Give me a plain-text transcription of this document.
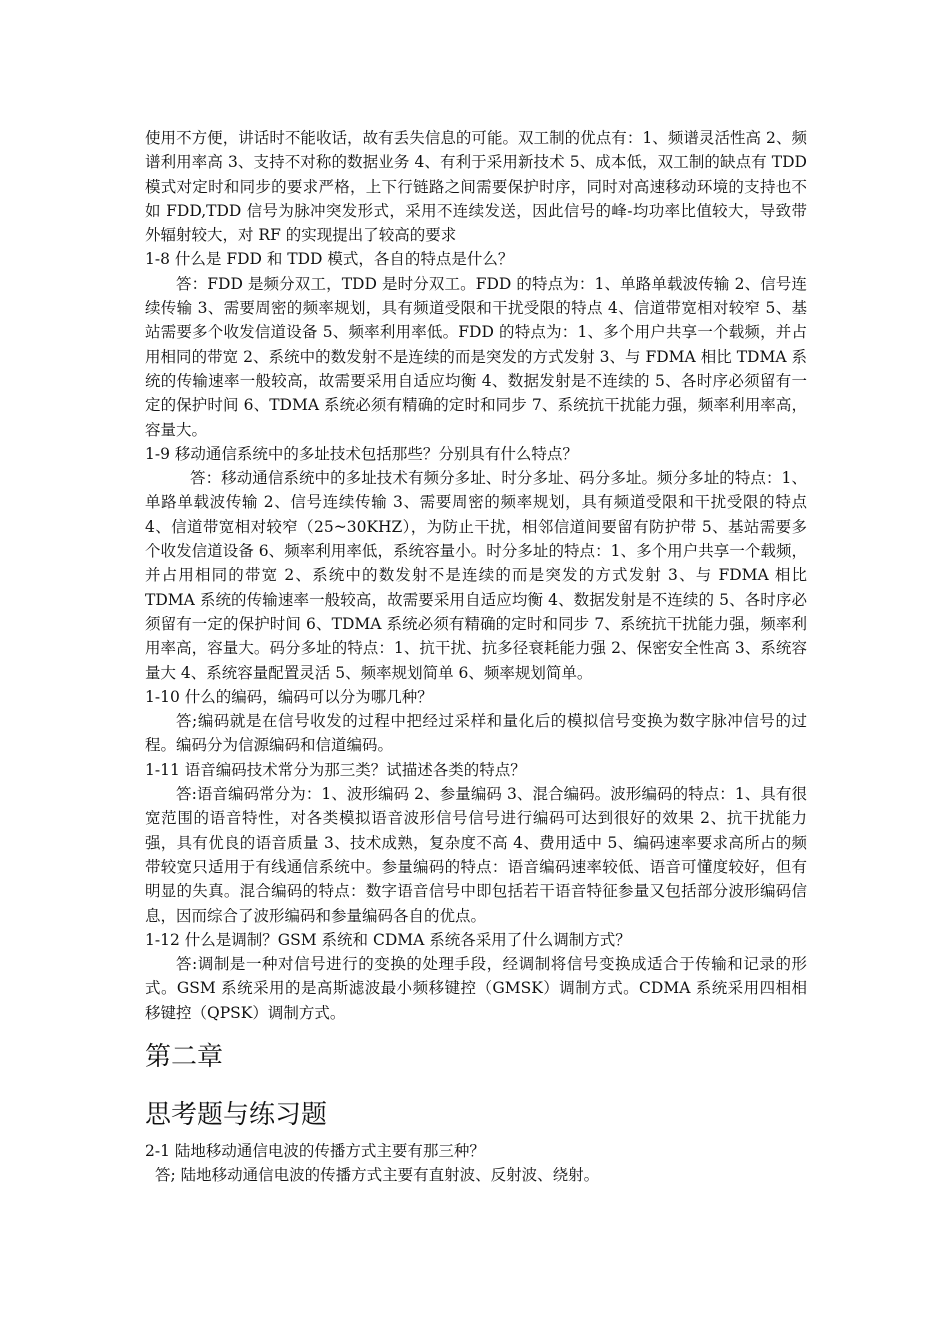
使用不方便，讲话时不能收话，故有丢失信息的可能。双工制的优点有：1、频谱灵活性高 2、频谱利用率高 3、支持不对称的数据业务 4、有利于采用新技术 5、成本低，双工制的缺点有 TDD 模式对定时和同步的要求严格，上下行链路之间需要保护时序，同时对高速移动环境的支持也不如 FDD,TDD 信号为脉冲突发形式，采用不连续发送，因此信号的峰-均功率比值较大，导致带外辐射较大，对 RF 的实现提出了较高的要求

1-8 什么是 FDD 和 TDD 模式，各自的特点是什么？

答：FDD 是频分双工，TDD 是时分双工。FDD 的特点为：1、单路单载波传输 2、信号连续传输 3、需要周密的频率规划，具有频道受限和干扰受限的特点 4、信道带宽相对较窄 5、基站需要多个收发信道设备 5、频率利用率低。FDD 的特点为：1、多个用户共享一个载频，并占用相同的带宽 2、系统中的数发射不是连续的而是突发的方式发射 3、与 FDMA 相比 TDMA 系统的传输速率一般较高，故需要采用自适应均衡 4、数据发射是不连续的 5、各时序必须留有一定的保护时间 6、TDMA 系统必须有精确的定时和同步 7、系统抗干扰能力强，频率利用率高，容量大。

1-9 移动通信系统中的多址技术包括那些？分别具有什么特点？

答：移动通信系统中的多址技术有频分多址、时分多址、码分多址。频分多址的特点：1、单路单载波传输 2、信号连续传输 3、需要周密的频率规划，具有频道受限和干扰受限的特点 4、信道带宽相对较窄（25~30KHZ），为防止干扰，相邻信道间要留有防护带 5、基站需要多个收发信道设备 6、频率利用率低，系统容量小。时分多址的特点：1、多个用户共享一个载频，并占用相同的带宽 2、系统中的数发射不是连续的而是突发的方式发射 3、与 FDMA 相比 TDMA 系统的传输速率一般较高，故需要采用自适应均衡 4、数据发射是不连续的 5、各时序必须留有一定的保护时间 6、TDMA 系统必须有精确的定时和同步 7、系统抗干扰能力强，频率利用率高，容量大。码分多址的特点：1、抗干扰、抗多径衰耗能力强 2、保密安全性高 3、系统容量大 4、系统容量配置灵活 5、频率规划简单 6、频率规划简单。

1-10 什么的编码，编码可以分为哪几种？

答;编码就是在信号收发的过程中把经过采样和量化后的模拟信号变换为数字脉冲信号的过程。编码分为信源编码和信道编码。

1-11 语音编码技术常分为那三类？试描述各类的特点？

答:语音编码常分为：1、波形编码 2、参量编码 3、混合编码。波形编码的特点：1、具有很宽范围的语音特性，对各类模拟语音波形信号信号进行编码可达到很好的效果 2、抗干扰能力强，具有优良的语音质量 3、技术成熟，复杂度不高 4、费用适中 5、编码速率要求高所占的频带较宽只适用于有线通信系统中。参量编码的特点：语音编码速率较低、语音可懂度较好，但有明显的失真。混合编码的特点：数字语音信号中即包括若干语音特征参量又包括部分波形编码信息，因而综合了波形编码和参量编码各自的优点。

1-12 什么是调制？GSM 系统和 CDMA 系统各采用了什么调制方式？

答:调制是一种对信号进行的变换的处理手段，经调制将信号变换成适合于传输和记录的形式。GSM 系统采用的是高斯滤波最小频移键控（GMSK）调制方式。CDMA 系统采用四相相移键控（QPSK）调制方式。

第二章
思考题与练习题

2-1 陆地移动通信电波的传播方式主要有那三种？

答; 陆地移动通信电波的传播方式主要有直射波、反射波、绕射。
